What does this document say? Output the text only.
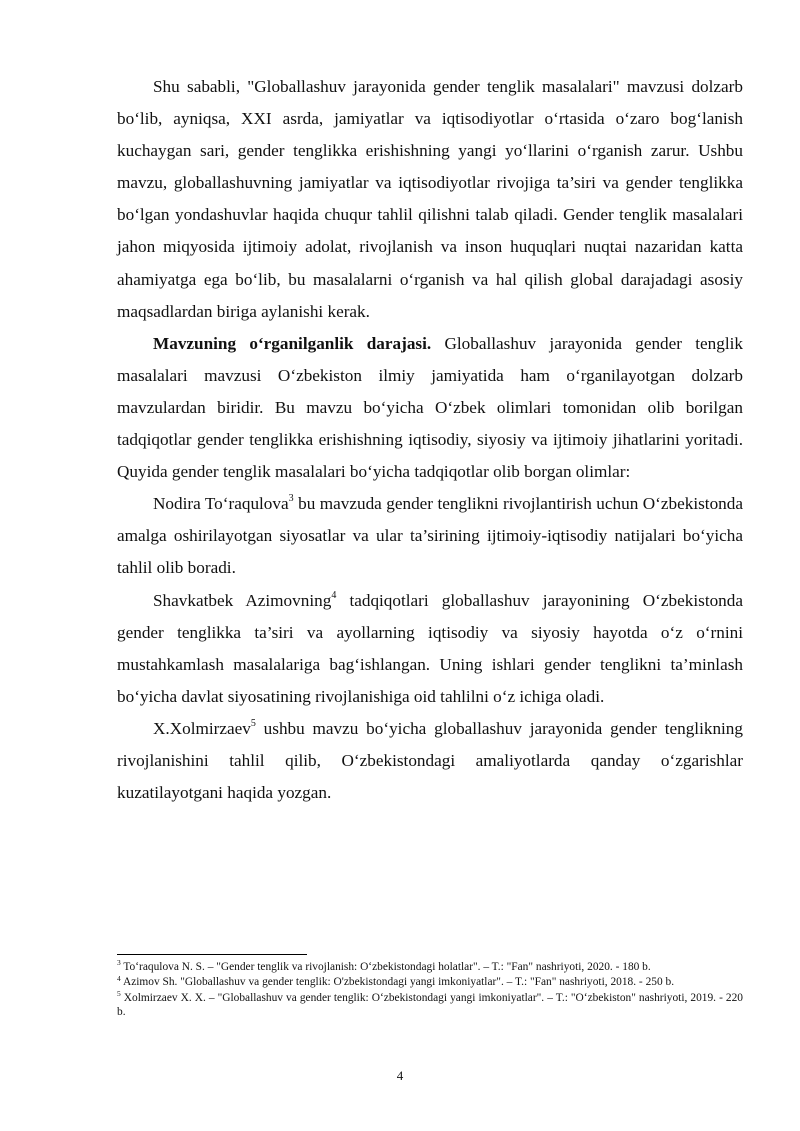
Shu sababli, "Globallashuv jarayonida gender tenglik masalalari" mavzusi dolzarb bo‘lib, ayniqsa, XXI asrda, jamiyatlar va iqtisodiyotlar o‘rtasida o‘zaro bog‘lanish kuchaygan sari, gender tenglikka erishishning yangi yo‘llarini o‘rganish zarur. Ushbu mavzu, globallashuvning jamiyatlar va iqtisodiyotlar rivojiga ta’siri va gender tenglikka bo‘lgan yondashuvlar haqida chuqur tahlil qilishni talab qiladi. Gender tenglik masalalari jahon miqyosida ijtimoiy adolat, rivojlanish va inson huquqlari nuqtai nazaridan katta ahamiyatga ega bo‘lib, bu masalalarni o‘rganish va hal qilish global darajadagi asosiy maqsadlardan biriga aylanishi kerak.

Mavzuning o‘rganilganlik darajasi. Globallashuv jarayonida gender tenglik masalalari mavzusi O‘zbekiston ilmiy jamiyatida ham o‘rganilayotgan dolzarb mavzulardan biridir. Bu mavzu bo‘yicha O‘zbek olimlari tomonidan olib borilgan tadqiqotlar gender tenglikka erishishning iqtisodiy, siyosiy va ijtimoiy jihatlarini yoritadi. Quyida gender tenglik masalalari bo‘yicha tadqiqotlar olib borgan olimlar:

Nodira To‘raqulova$^3$ bu mavzuda gender tenglikni rivojlantirish uchun O‘zbekistonda amalga oshirilayotgan siyosatlar va ular ta’sirining ijtimoiy-iqtisodiy natijalari bo‘yicha tahlil olib boradi.

Shavkatbek Azimovning$^4$ tadqiqotlari globallashuv jarayonining O‘zbekistonda gender tenglikka ta’siri va ayollarning iqtisodiy va siyosiy hayotda o‘z o‘rnini mustahkamlash masalalariga bag‘ishlangan. Uning ishlari gender tenglikni ta’minlash bo‘yicha davlat siyosatining rivojlanishiga oid tahlilni o‘z ichiga oladi.

X.Xolmirzaev$^5$ ushbu mavzu bo‘yicha globallashuv jarayonida gender tenglikning rivojlanishini tahlil qilib, O‘zbekistondagi amaliyotlarda qanday o‘zgarishlar kuzatilayotgani haqida yozgan.

$^3$ To‘raqulova N. S. – "Gender tenglik va rivojlanish: O‘zbekistondagi holatlar". – T.: "Fan" nashriyoti, 2020. - 180 b.

$^4$ Azimov Sh. "Globallashuv va gender tenglik: O'zbekistondagi yangi imkoniyatlar". – T.: "Fan" nashriyoti, 2018. - 250 b.

$^5$ Xolmirzaev X. X. – "Globallashuv va gender tenglik: O‘zbekistondagi yangi imkoniyatlar". – T.: "O‘zbekiston" nashriyoti, 2019. - 220 b.

4
